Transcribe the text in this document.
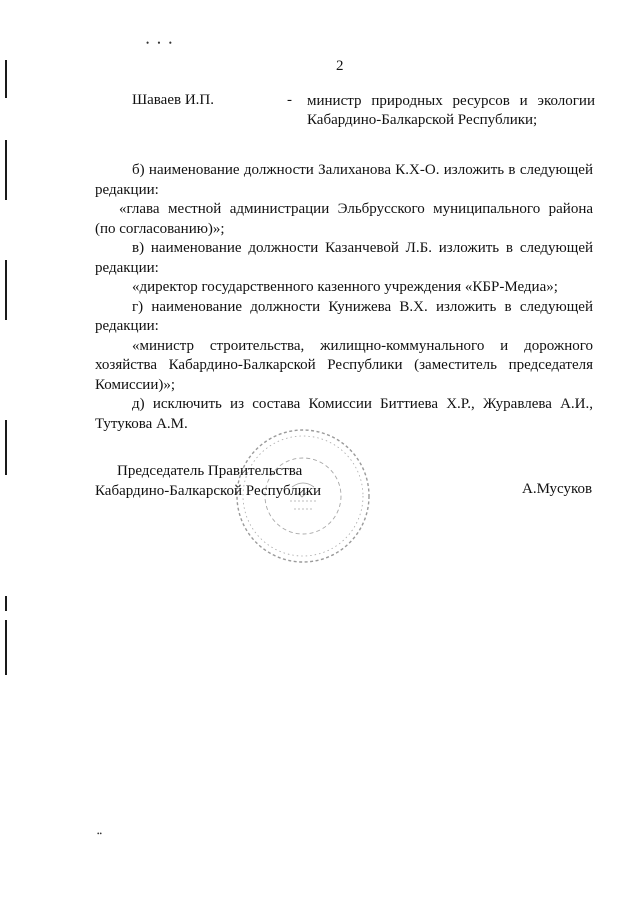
• • •
2
Шаваев И.П.	- министр природных ресурсов и экологии
Кабардино-Балкарской Республики;
б) наименование должности Залиханова К.Х-О. изложить в следующей
редакции:
«глава местной администрации Эльбрусского муниципального района
(по согласованию)»;
в) наименование должности Казанчевой Л.Б. изложить в следующей
редакции:
«директор государственного казенного учреждения «КБР-Медиа»;
г) наименование должности Кунижева В.Х. изложить в следующей
редакции:
«министр строительства, жилищно-коммунального и дорожного
хозяйства Кабардино-Балкарской Республики (заместитель председателя
Комиссии)»;
д) исключить из состава Комиссии Биттиева Х.Р., Журавлева А.И.,
Тутукова А.М.
Председатель Правительства
Кабардино-Балкарской Республики	А.Мусуков
••
